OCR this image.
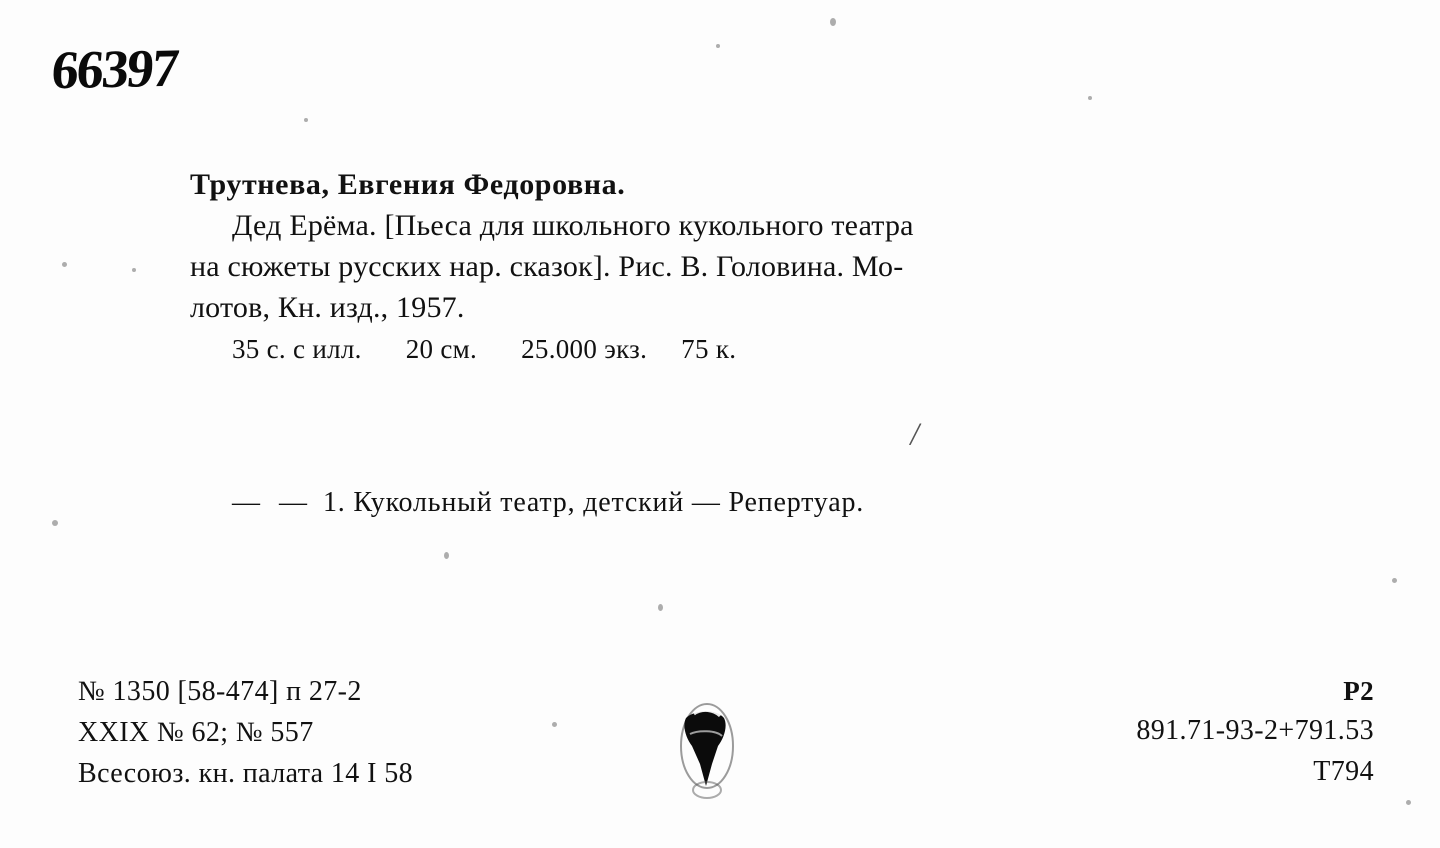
/
66397
Трутнева, Евгения Федоровна.
Дед Ерёма. [Пьеса для школьного кукольного театра
на сюжеты русских нар. сказок]. Рис. В. Головина. Мо-
лотов, Кн. изд., 1957.
35 с. с илл. 20 см. 25.000 экз. 75 к.
— — 1. Кукольный театр, детский — Репертуар.
№ 1350 [58-474] п 27-2
XXIX № 62; № 557
Всесоюз. кн. палата 14 I 58
Р2
891.71-93-2+791.53
Т794
